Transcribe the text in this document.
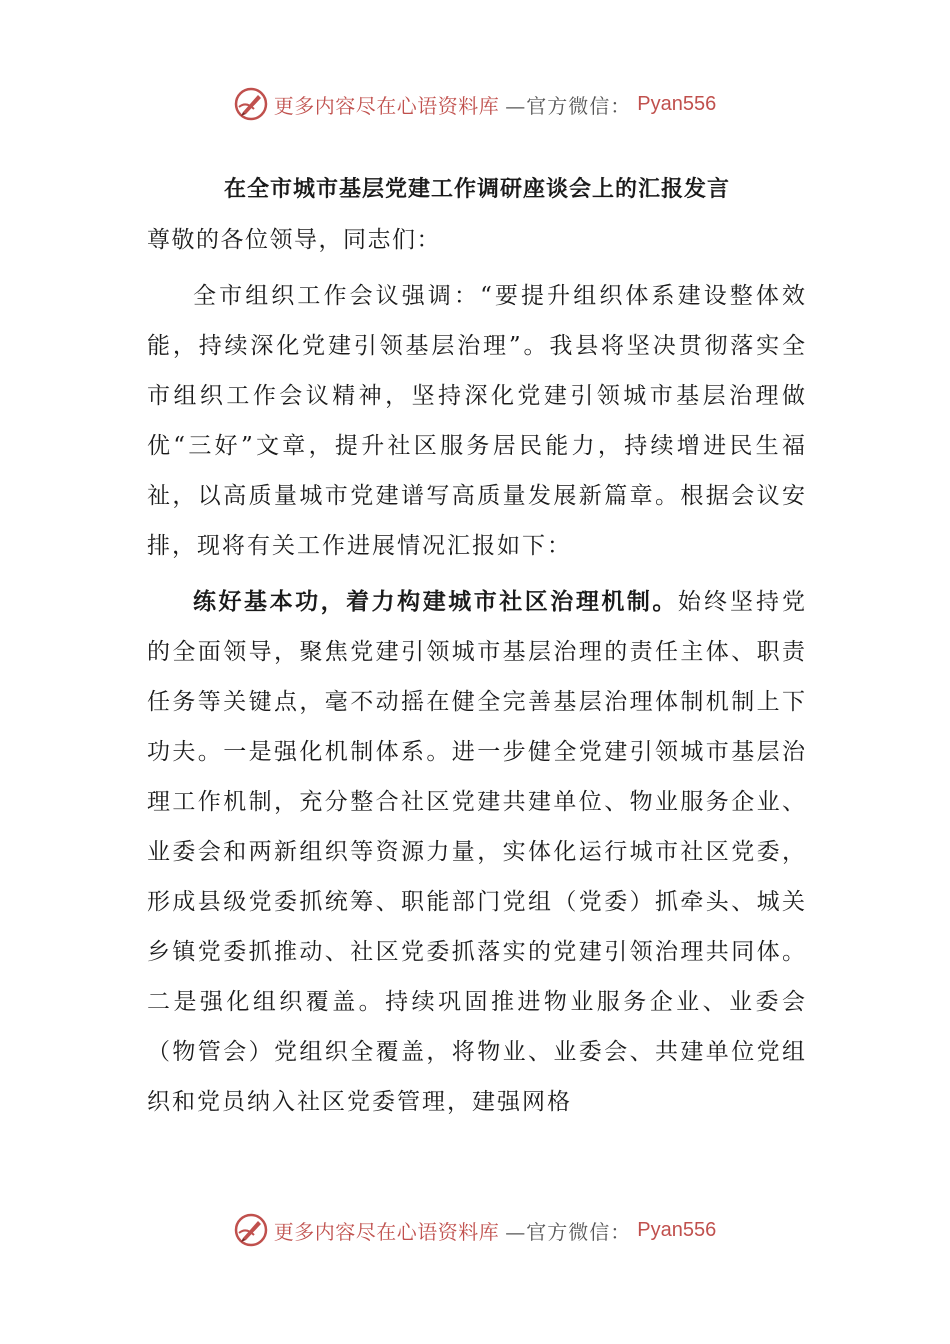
更多内容尽在心语资料库 —官方微信： Pyan556
在全市城市基层党建工作调研座谈会上的汇报发言

尊敬的各位领导，同志们：

全市组织工作会议强调：“要提升组织体系建设整体效能，持续深化党建引领基层治理”。我县将坚决贯彻落实全市组织工作会议精神，坚持深化党建引领城市基层治理做优“三好”文章，提升社区服务居民能力，持续增进民生福祉，以高质量城市党建谱写高质量发展新篇章。根据会议安排，现将有关工作进展情况汇报如下：

练好基本功，着力构建城市社区治理机制。始终坚持党的全面领导，聚焦党建引领城市基层治理的责任主体、职责任务等关键点，毫不动摇在健全完善基层治理体制机制上下功夫。一是强化机制体系。进一步健全党建引领城市基层治理工作机制，充分整合社区党建共建单位、物业服务企业、业委会和两新组织等资源力量，实体化运行城市社区党委，形成县级党委抓统筹、职能部门党组（党委）抓牵头、城关乡镇党委抓推动、社区党委抓落实的党建引领治理共同体。二是强化组织覆盖。持续巩固推进物业服务企业、业委会（物管会）党组织全覆盖，将物业、业委会、共建单位党组织和党员纳入社区党委管理，建强网格

更多内容尽在心语资料库 —官方微信： Pyan556
